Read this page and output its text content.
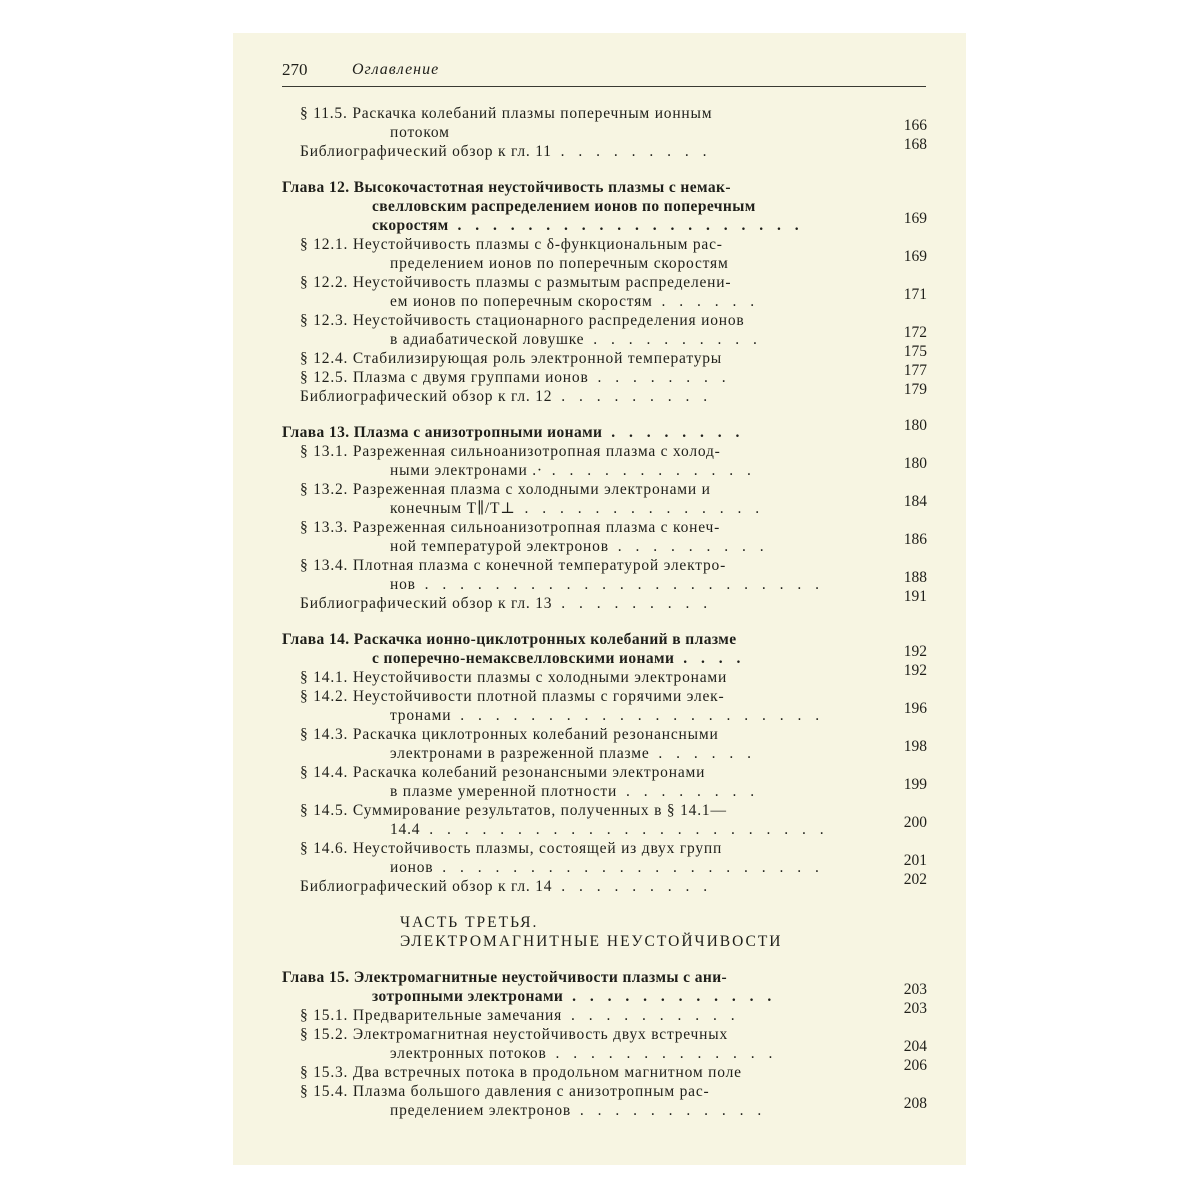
270	Оглавление
§ 11.5. Раскачка колебаний плазмы поперечным ионным
потоком	166
Библиографический обзор к гл. 11 . . . . . . . . .	168
Глава 12. Высокочастотная неустойчивость плазмы с немак-
свелловским распределением ионов по поперечным
скоростям . . . . . . . . . . . . . . . . . . . .	169
§ 12.1. Неустойчивость плазмы с δ-функциональным рас-
пределением ионов по поперечным скоростям	169
§ 12.2. Неустойчивость плазмы с размытым распределени-
ем ионов по поперечным скоростям . . . . . .	171
§ 12.3. Неустойчивость стационарного распределения ионов
в адиабатической ловушке . . . . . . . . . .	172
§ 12.4. Стабилизирующая роль электронной температуры	175
§ 12.5. Плазма с двумя группами ионов . . . . . . . .	177
Библиографический обзор к гл. 12 . . . . . . . . .	179
Глава 13. Плазма с анизотропными ионами . . . . . . . .	180
§ 13.1. Разреженная сильноанизотропная плазма с холод-
ными электронами .· . . . . . . . . . . . .	180
§ 13.2. Разреженная плазма с холодными электронами и
конечным T∥/T⊥ . . . . . . . . . . . . . .	184
§ 13.3. Разреженная сильноанизотропная плазма с конеч-
ной температурой электронов . . . . . . . . .	186
§ 13.4. Плотная плазма с конечной температурой электро-
нов . . . . . . . . . . . . . . . . . . . . . . .	188
Библиографический обзор к гл. 13 . . . . . . . . .	191
Глава 14. Раскачка ионно-циклотронных колебаний в плазме
с поперечно-немаксвелловскими ионами . . . .	192
§ 14.1. Неустойчивости плазмы с холодными электронами	192
§ 14.2. Неустойчивости плотной плазмы с горячими элек-
тронами . . . . . . . . . . . . . . . . . . . . .	196
§ 14.3. Раскачка циклотронных колебаний резонансными
электронами в разреженной плазме . . . . . .	198
§ 14.4. Раскачка колебаний резонансными электронами
в плазме умеренной плотности . . . . . . . .	199
§ 14.5. Суммирование результатов, полученных в § 14.1—
14.4 . . . . . . . . . . . . . . . . . . . . . . .	200
§ 14.6. Неустойчивость плазмы, состоящей из двух групп
ионов . . . . . . . . . . . . . . . . . . . . . .	201
Библиографический обзор к гл. 14 . . . . . . . . .	202
ЧАСТЬ ТРЕТЬЯ.
ЭЛЕКТРОМАГНИТНЫЕ НЕУСТОЙЧИВОСТИ
Глава 15. Электромагнитные неустойчивости плазмы с ани-
зотропными электронами . . . . . . . . . . . .	203
§ 15.1. Предварительные замечания . . . . . . . . . .	203
§ 15.2. Электромагнитная неустойчивость двух встречных
электронных потоков . . . . . . . . . . . . .	204
§ 15.3. Два встречных потока в продольном магнитном поле	206
§ 15.4. Плазма большого давления с анизотропным рас-
пределением электронов . . . . . . . . . . .	208
